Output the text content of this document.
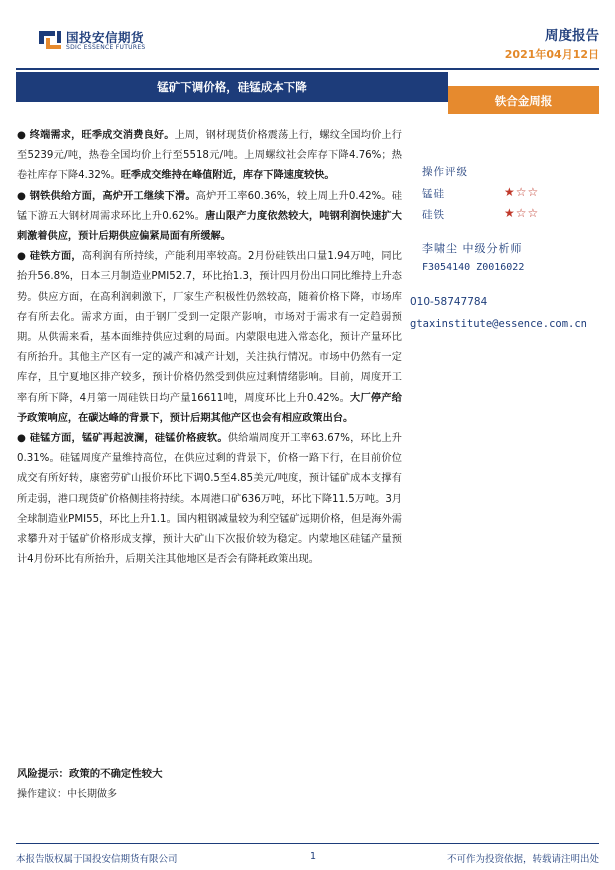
国投安信期货
SDIC ESSENCE FUTURES
周度报告
2021年04月12日
锰矿下调价格，硅锰成本下降
铁合金周报

● 终端需求，旺季成交消费良好。上周，钢材现货价格震荡上行，螺纹全国均价上行至5239元/吨，热卷全国均价上行至5518元/吨。上周螺纹社会库存下降4.76%；热卷社库存下降4.32%。旺季成交维持在峰值附近，库存下降速度较快。

● 钢铁供给方面，高炉开工继续下滑。高炉开工率60.36%，较上周上升0.42%。硅锰下游五大钢材周需求环比上升0.62%。唐山限产力度依然较大，吨钢利润快速扩大刺激着供应，预计后期供应偏紧局面有所缓解。

● 硅铁方面，高利润有所持续，产能利用率较高。2月份硅铁出口量1.94万吨，同比抬升56.8%，日本三月制造业PMI52.7，环比抬1.3，预计四月份出口同比维持上升态势。供应方面，在高利润刺激下，厂家生产积极性仍然较高，随着价格下降，市场库存有所去化。需求方面，由于钢厂受到一定限产影响，市场对于需求有一定趋弱预期。从供需来看，基本面维持供应过剩的局面。内蒙限电进入常态化，预计产量环比有所抬升。其他主产区有一定的减产和减产计划，关注执行情况。市场中仍然有一定库存，且宁夏地区排产较多，预计价格仍然受到供应过剩情绪影响。目前，周度开工率有所下降，4月第一周硅铁日均产量16611吨，周度环比上升0.42%。大厂停产给予政策响应，在碳达峰的背景下，预计后期其他产区也会有相应政策出台。

● 硅锰方面，锰矿再起波澜，硅锰价格疲软。供给端周度开工率63.67%，环比上升0.31%。硅锰周度产量维持高位，在供应过剩的背景下，价格一路下行，在目前价位成交有所好转，康密劳矿山报价环比下调0.5至4.85美元/吨度，预计锰矿成本支撑有所走弱，港口现货矿价格侧挂将持续。本周港口矿636万吨，环比下降11.5万吨。3月全球制造业PMI55，环比上升1.1。国内粗钢减量较为利空锰矿远期价格，但是海外需求攀升对于锰矿价格形成支撑，预计大矿山下次报价较为稳定。内蒙地区硅锰产量预计4月份环比有所抬升，后期关注其他地区是否会有降耗政策出现。

风险提示：政策的不确定性较大
操作建议：中长期做多
操作评级
锰硅	★☆☆
硅铁	★☆☆
李啸尘 中级分析师
F3054140 Z0016022
010-58747784
gtaxinstitute@essence.com.cn
本报告版权属于国投安信期货有限公司	1	不可作为投资依据，转载请注明出处
